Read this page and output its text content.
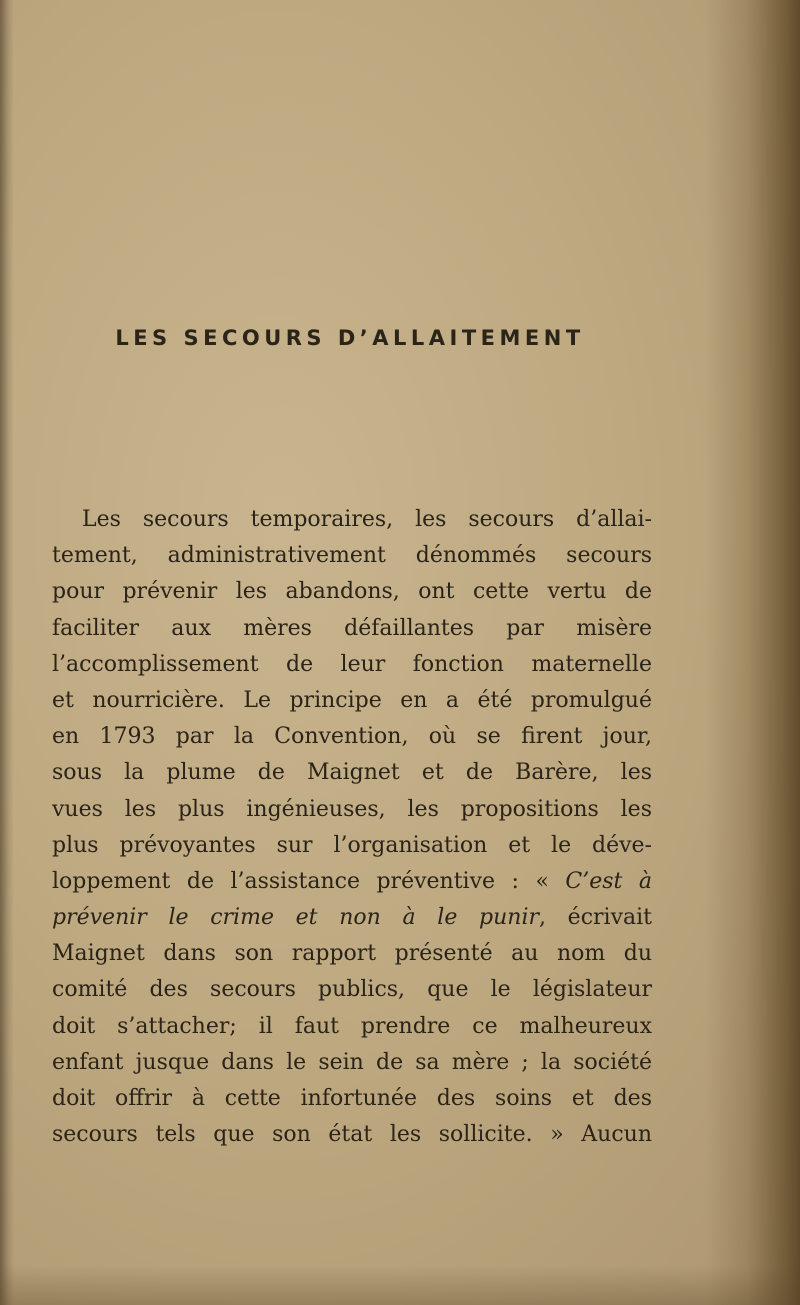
LES SECOURS D’ALLAITEMENT
Les secours temporaires, les secours d’allai-
tement, administrativement dénommés secours
pour prévenir les abandons, ont cette vertu de
faciliter aux mères défaillantes par misère
l’accomplissement de leur fonction maternelle
et nourricière. Le principe en a été promulgué
en 1793 par la Convention, où se firent jour,
sous la plume de Maignet et de Barère, les
vues les plus ingénieuses, les propositions les
plus prévoyantes sur l’organisation et le déve-
loppement de l’assistance préventive : « C’est à
prévenir le crime et non à le punir, écrivait
Maignet dans son rapport présenté au nom du
comité des secours publics, que le législateur
doit s’attacher; il faut prendre ce malheureux
enfant jusque dans le sein de sa mère ; la société
doit offrir à cette infortunée des soins et des
secours tels que son état les sollicite. » Aucun
